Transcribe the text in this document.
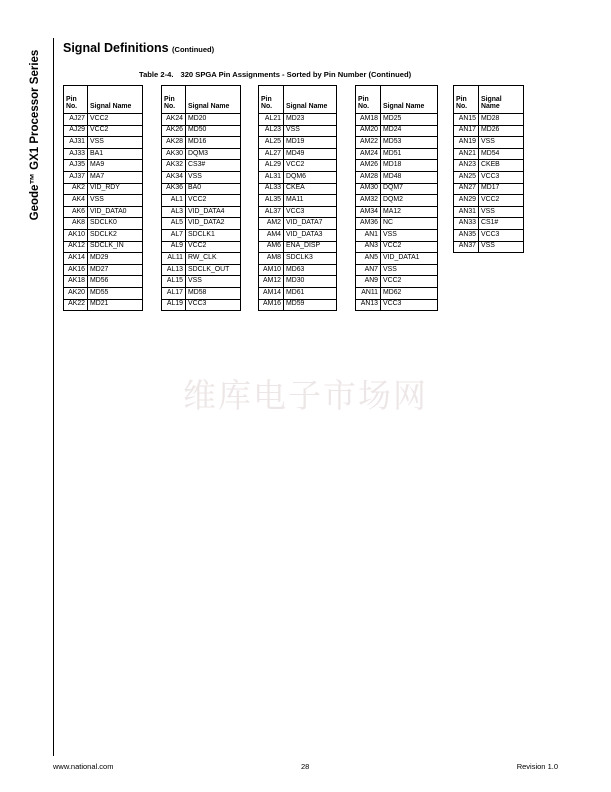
Geode™ GX1 Processor Series
Signal Definitions (Continued)
Table 2-4. 320 SPGA Pin Assignments - Sorted by Pin Number (Continued)
Pin
No.	Signal Name
AJ27	VCC2
AJ29	VCC2
AJ31	VSS
AJ33	BA1
AJ35	MA9
AJ37	MA7
AK2	VID_RDY
AK4	VSS
AK6	VID_DATA0
AK8	SDCLK0
AK10	SDCLK2
AK12	SDCLK_IN
AK14	MD29
AK16	MD27
AK18	MD56
AK20	MD55
AK22	MD21
Pin
No.	Signal Name
AK24	MD20
AK26	MD50
AK28	MD16
AK30	DQM3
AK32	CS3#
AK34	VSS
AK36	BA0
AL1	VCC2
AL3	VID_DATA4
AL5	VID_DATA2
AL7	SDCLK1
AL9	VCC2
AL11	RW_CLK
AL13	SDCLK_OUT
AL15	VSS
AL17	MD58
AL19	VCC3
Pin
No.	Signal Name
AL21	MD23
AL23	VSS
AL25	MD19
AL27	MD49
AL29	VCC2
AL31	DQM6
AL33	CKEA
AL35	MA11
AL37	VCC3
AM2	VID_DATA7
AM4	VID_DATA3
AM6	ENA_DISP
AM8	SDCLK3
AM10	MD63
AM12	MD30
AM14	MD61
AM16	MD59
Pin
No.	Signal Name
AM18	MD25
AM20	MD24
AM22	MD53
AM24	MD51
AM26	MD18
AM28	MD48
AM30	DQM7
AM32	DQM2
AM34	MA12
AM36	NC
AN1	VSS
AN3	VCC2
AN5	VID_DATA1
AN7	VSS
AN9	VCC2
AN11	MD62
AN13	VCC3
Pin
No.	Signal Name
AN15	MD28
AN17	MD26
AN19	VSS
AN21	MD54
AN23	CKEB
AN25	VCC3
AN27	MD17
AN29	VCC2
AN31	VSS
AN33	CS1#
AN35	VCC3
AN37	VSS
维库电子市场网
www.national.com	28	Revision 1.0
